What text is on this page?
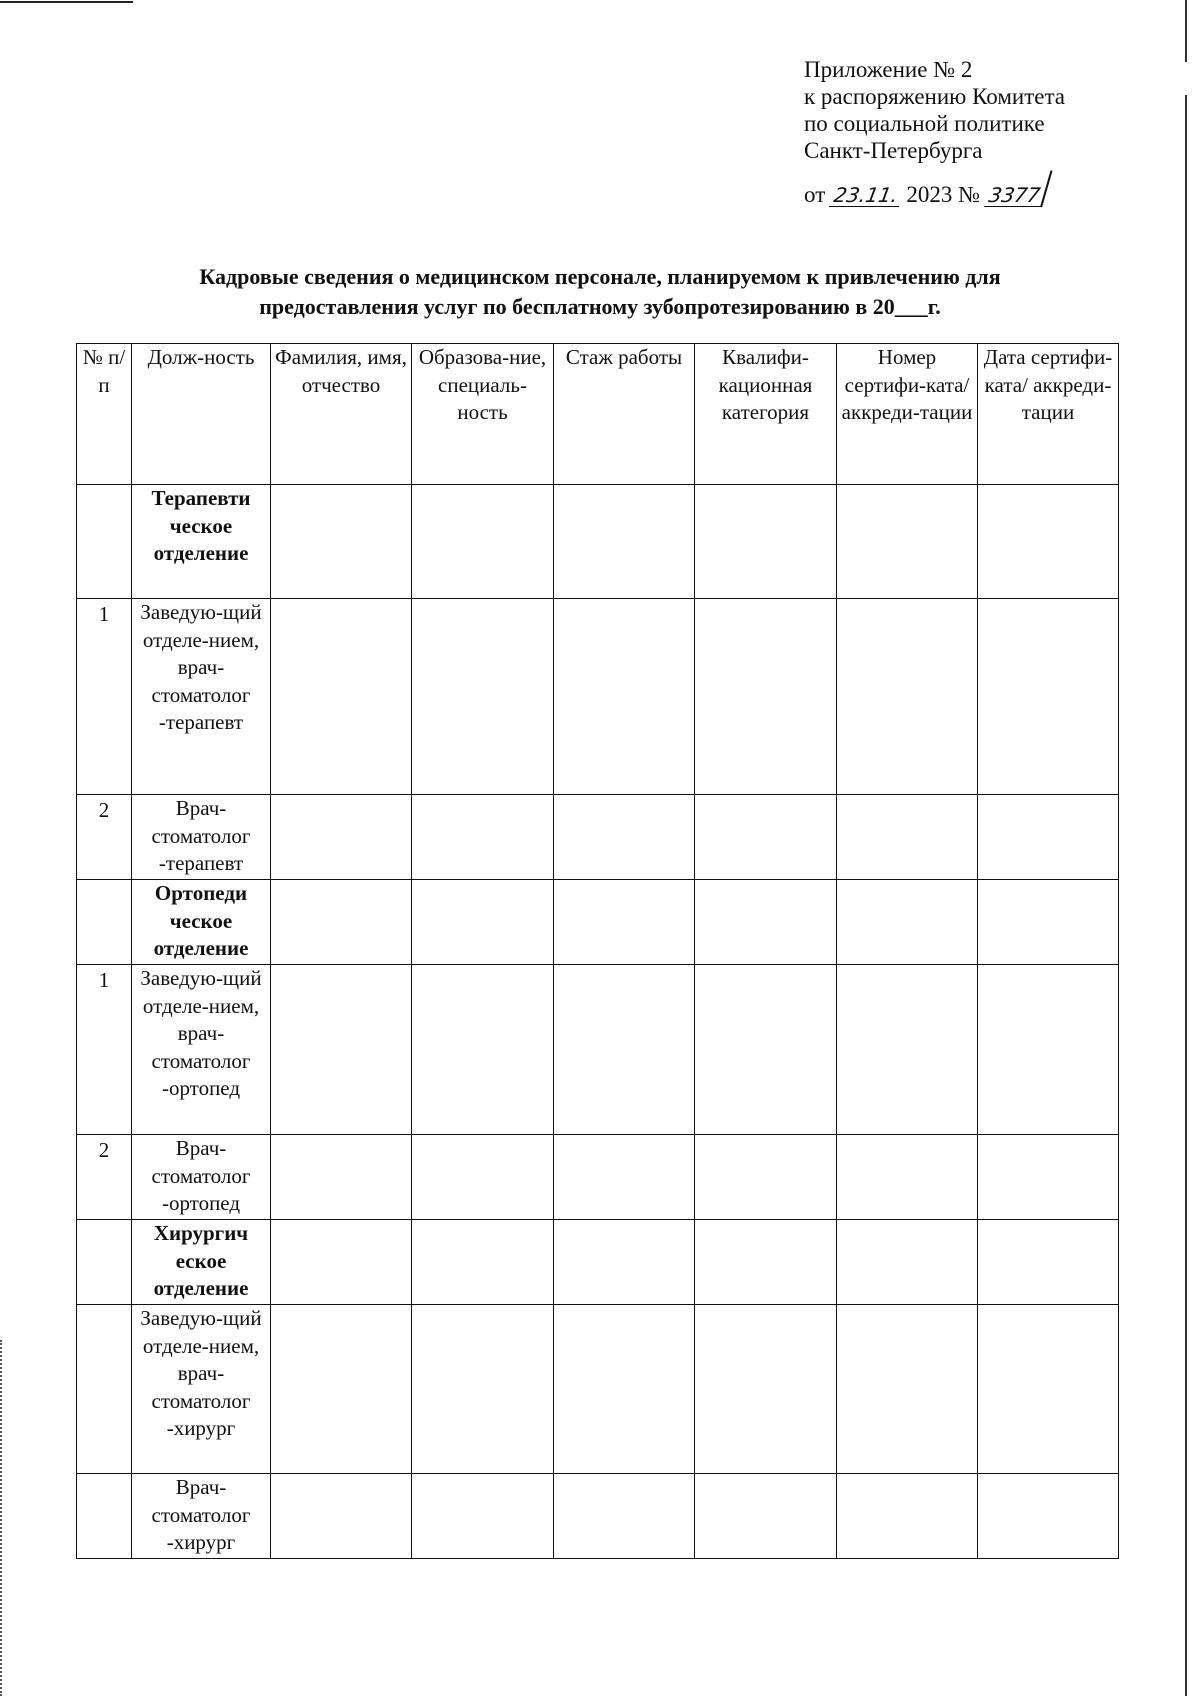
Приложение № 2
к распоряжению Комитета
по социальной политике
Санкт-Петербурга
от 23.11. 2023 № 3377
Кадровые сведения о медицинском персонале, планируемом к привлечению для
предоставления услуг по бесплатному зубопротезированию в 20___г.
№ п/п	Долж-ность	Фамилия, имя, отчество	Образова-ние, специаль-ность	Стаж работы	Квалифи-кационная категория	Номер сертифи-ката/ аккреди-тации	Дата сертифи-ката/ аккреди-тации
	Терапевти ческое отделение						
1	Заведую-щий отделе-нием, врач-стоматолог -терапевт						
2	Врач-стоматолог -терапевт						
	Ортопеди ческое отделение						
1	Заведую-щий отделе-нием, врач-стоматолог -ортопед						
2	Врач-стоматолог -ортопед						
	Хирургич еское отделение						
	Заведую-щий отделе-нием, врач-стоматолог -хирург						
	Врач-стоматолог -хирург						
